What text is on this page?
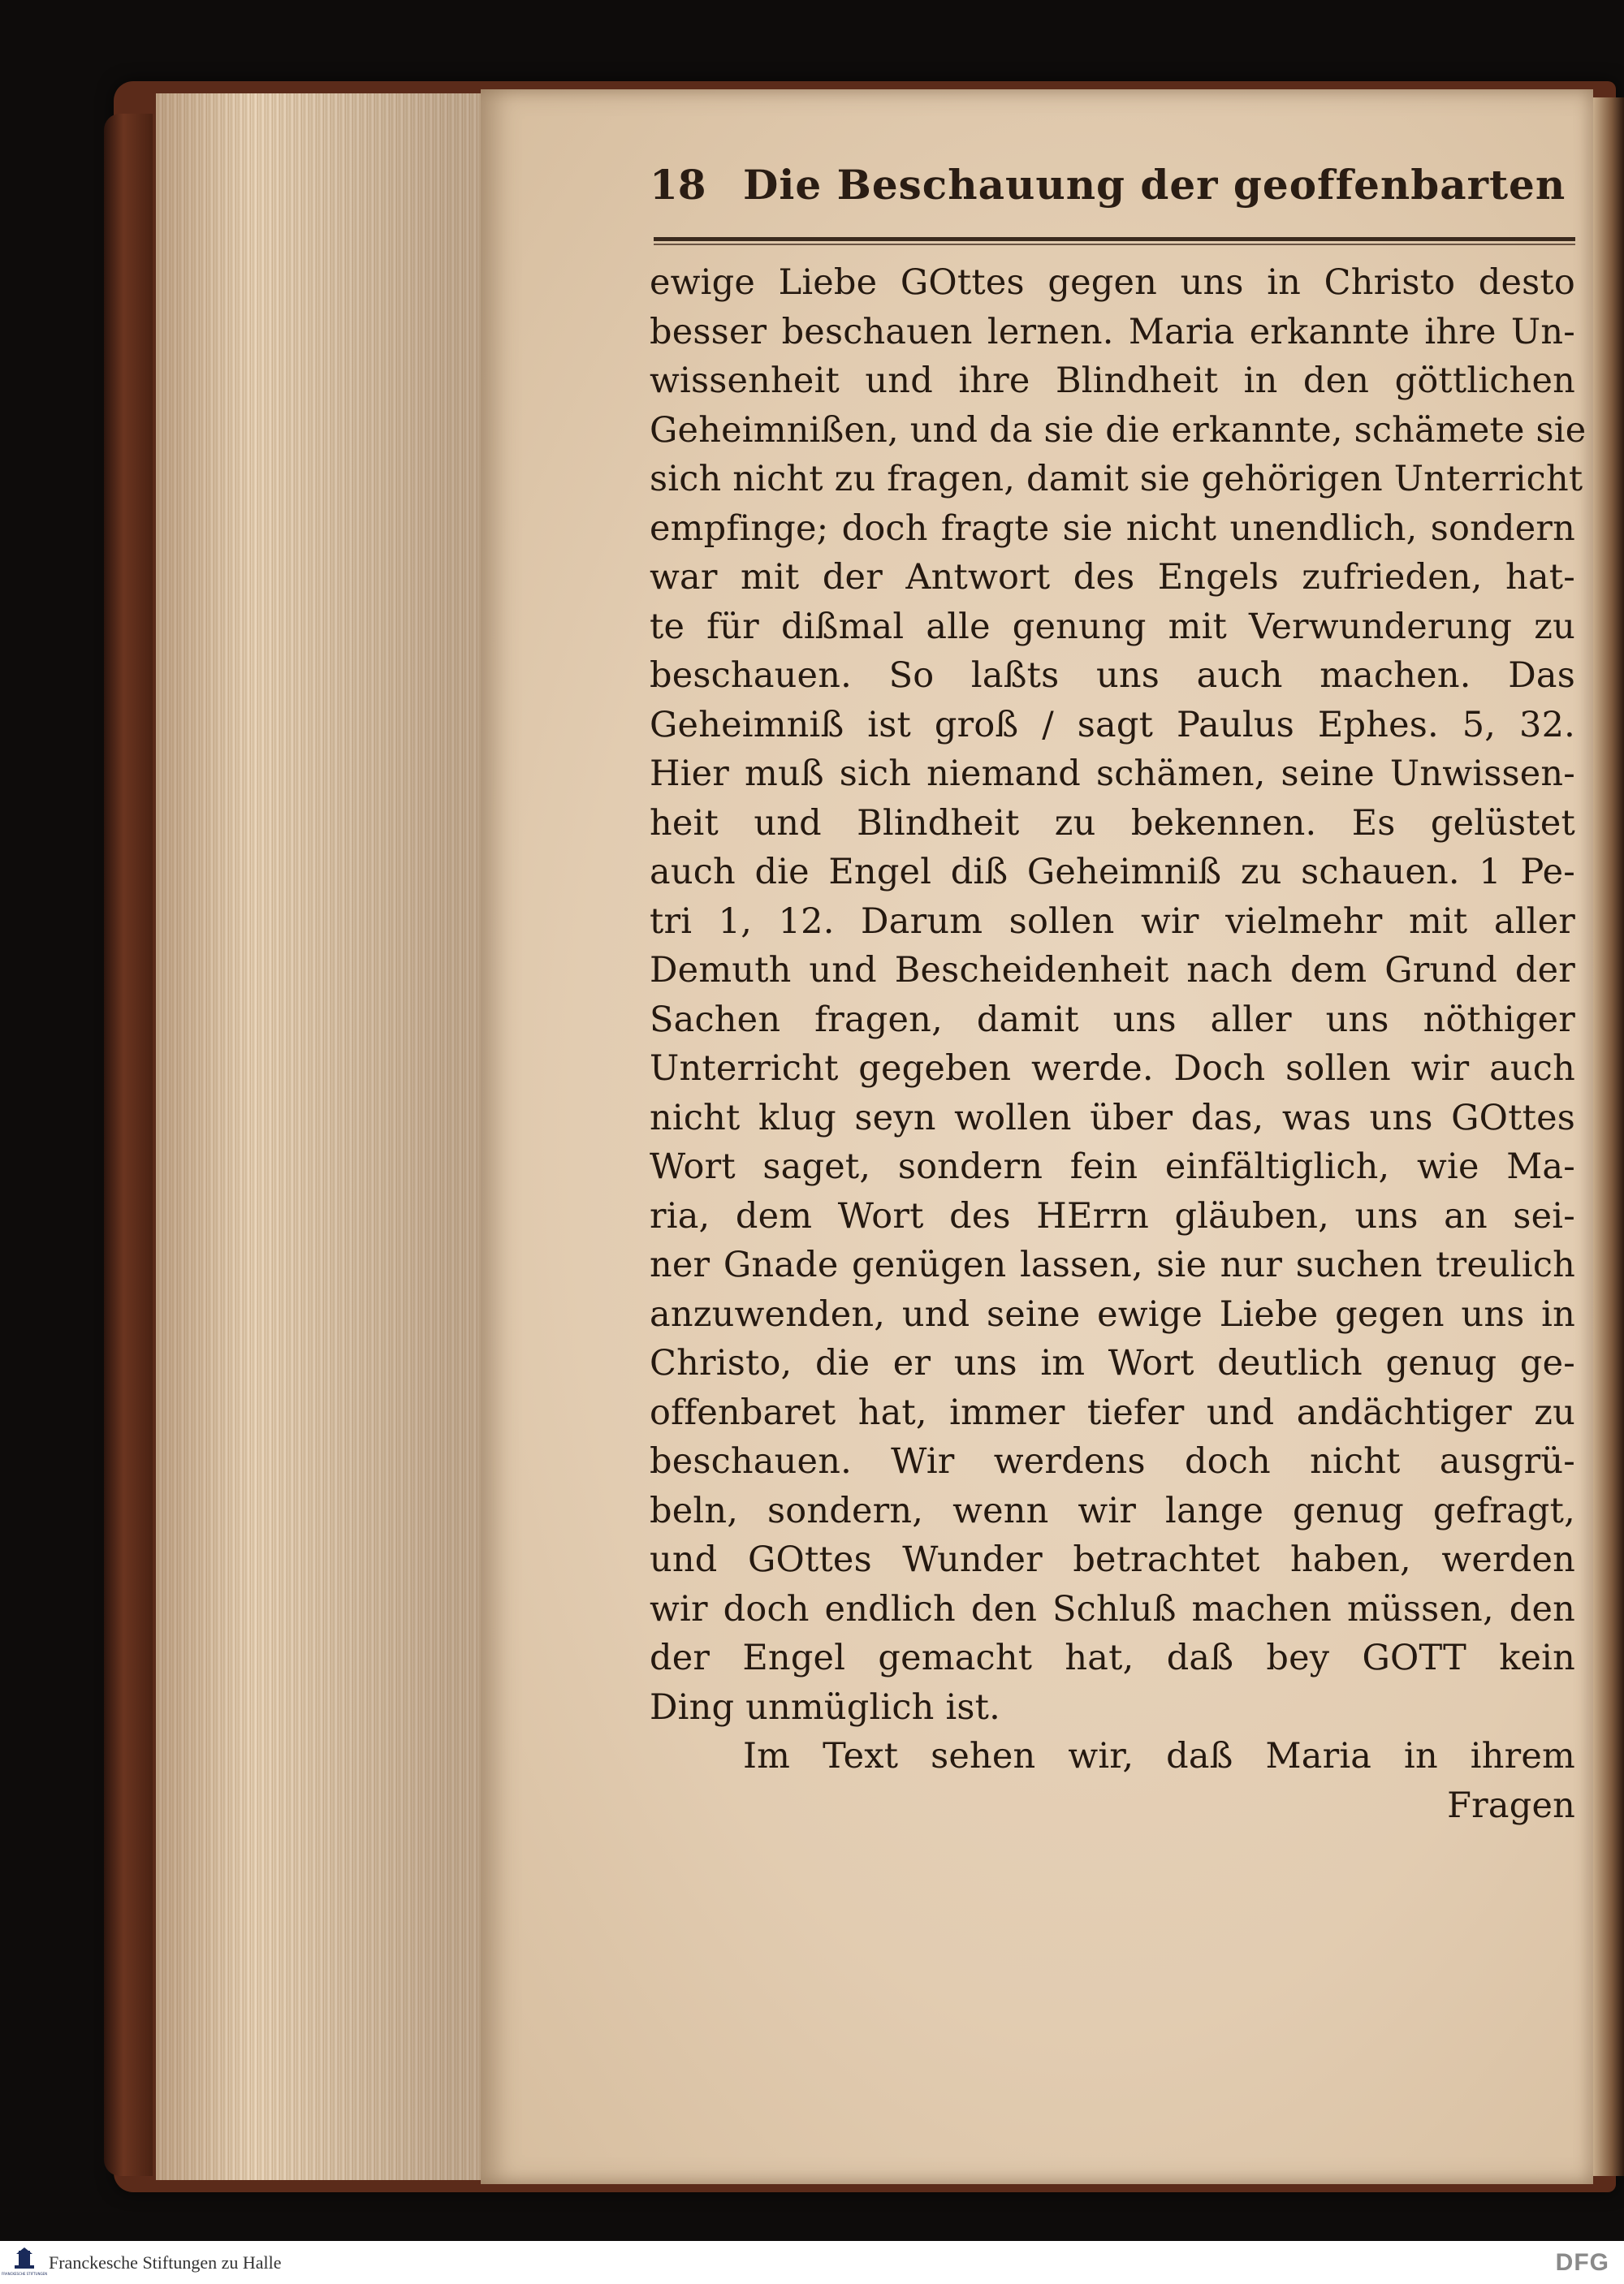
18 Die Beschauung der geoffenbarten
ewige Liebe GOttes gegen uns in Christo desto
besser beschauen lernen. Maria erkannte ihre Un-
wissenheit und ihre Blindheit in den göttlichen
Geheimnißen, und da sie die erkannte, schämete sie
sich nicht zu fragen, damit sie gehörigen Unterricht
empfinge; doch fragte sie nicht unendlich, sondern
war mit der Antwort des Engels zufrieden, hat-
te für dißmal alle genung mit Verwunderung zu
beschauen. So laßts uns auch machen. Das
Geheimniß ist groß / sagt Paulus Ephes. 5, 32.
Hier muß sich niemand schämen, seine Unwissen-
heit und Blindheit zu bekennen. Es gelüstet
auch die Engel diß Geheimniß zu schauen. 1 Pe-
tri 1, 12. Darum sollen wir vielmehr mit aller
Demuth und Bescheidenheit nach dem Grund der
Sachen fragen, damit uns aller uns nöthiger
Unterricht gegeben werde. Doch sollen wir auch
nicht klug seyn wollen über das, was uns GOttes
Wort saget, sondern fein einfältiglich, wie Ma-
ria, dem Wort des HErrn gläuben, uns an sei-
ner Gnade genügen lassen, sie nur suchen treulich
anzuwenden, und seine ewige Liebe gegen uns in
Christo, die er uns im Wort deutlich genug ge-
offenbaret hat, immer tiefer und andächtiger zu
beschauen. Wir werdens doch nicht ausgrü-
beln, sondern, wenn wir lange genug gefragt,
und GOttes Wunder betrachtet haben, werden
wir doch endlich den Schluß machen müssen, den
der Engel gemacht hat, daß bey GOTT kein
Ding unmüglich ist.
Im Text sehen wir, daß Maria in ihrem
Fragen
FRANCKESCHE STIFTUNGEN
Franckesche Stiftungen zu Halle	DFG
